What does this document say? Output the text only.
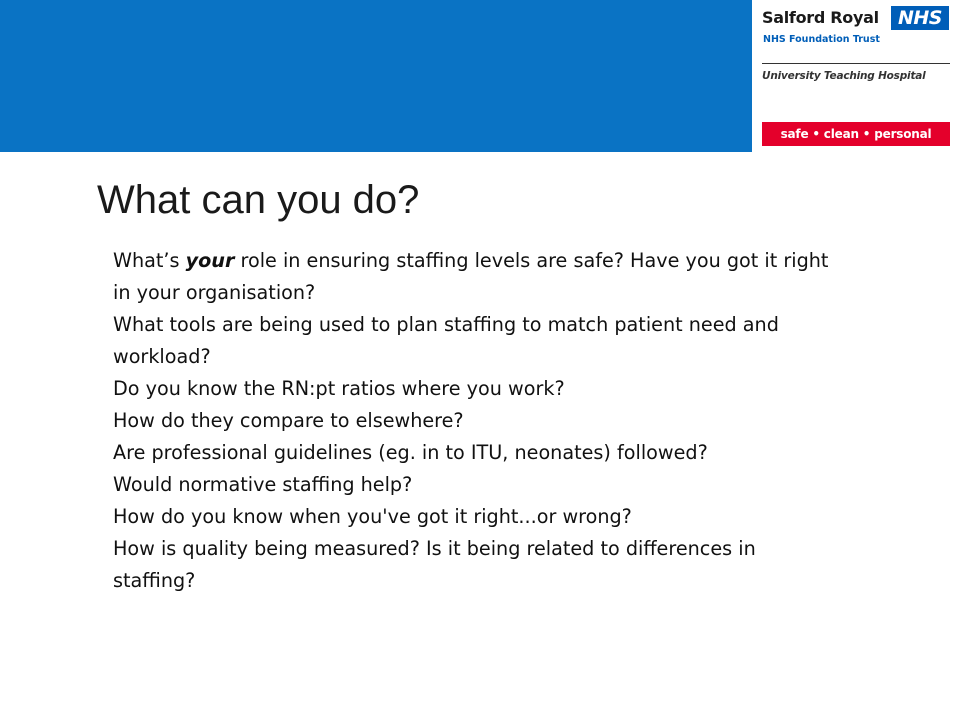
Salford Royal	NHS
NHS Foundation Trust
University Teaching Hospital
safe • clean • personal
What can you do?

What’s your role in ensuring staffing levels are safe? Have you got it right in your organisation?

What tools are being used to plan staffing to match patient need and workload?

Do you know the RN:pt ratios where you work?

How do they compare to elsewhere?

Are professional guidelines (eg. in to ITU, neonates) followed?

Would normative staffing help?

How do you know when you've got it right...or wrong?

How is quality being measured? Is it being related to differences in staffing?
